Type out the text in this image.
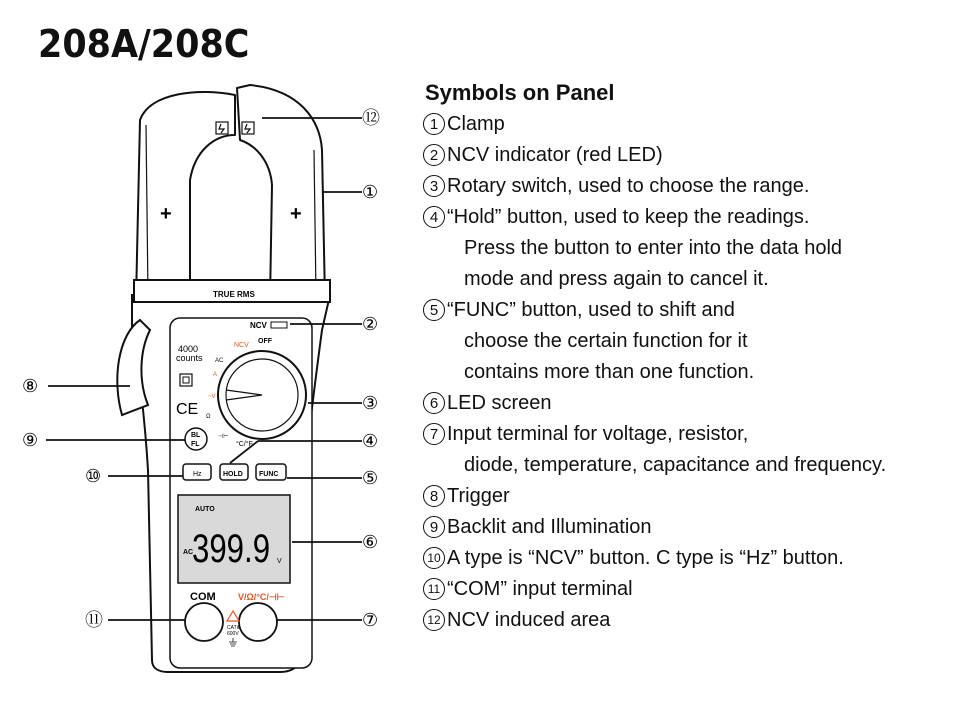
208A/208C
+	+
TRUE RMS
NCV
4000
counts
CE
OFF
NCV
°C/°F
AC
A
~V
Ω
⊣⊢
BL
FL
Hz	HOLD FUNC
AUTO
399.9
AC
V
COM V/Ω/°C/⊣⊢
CATⅡ
600V
⑧
⑨
⑩
⑪
⑫
①
②
③
④
⑤
⑥
⑦
Symbols on Panel
1 Clamp
2 NCV indicator (red LED)
3 Rotary switch, used to choose the range.
4 “Hold” button, used to keep the readings.
Press the button to enter into the data hold
mode and press again to cancel it.
5 “FUNC” button, used to shift and
choose the certain function for it
contains more than one function.
6 LED screen
7 Input terminal for voltage, resistor,
diode, temperature, capacitance and frequency.
8 Trigger
9 Backlit and Illumination
10 A type is “NCV” button. C type is “Hz” button.
11 “COM” input terminal
12 NCV induced area
